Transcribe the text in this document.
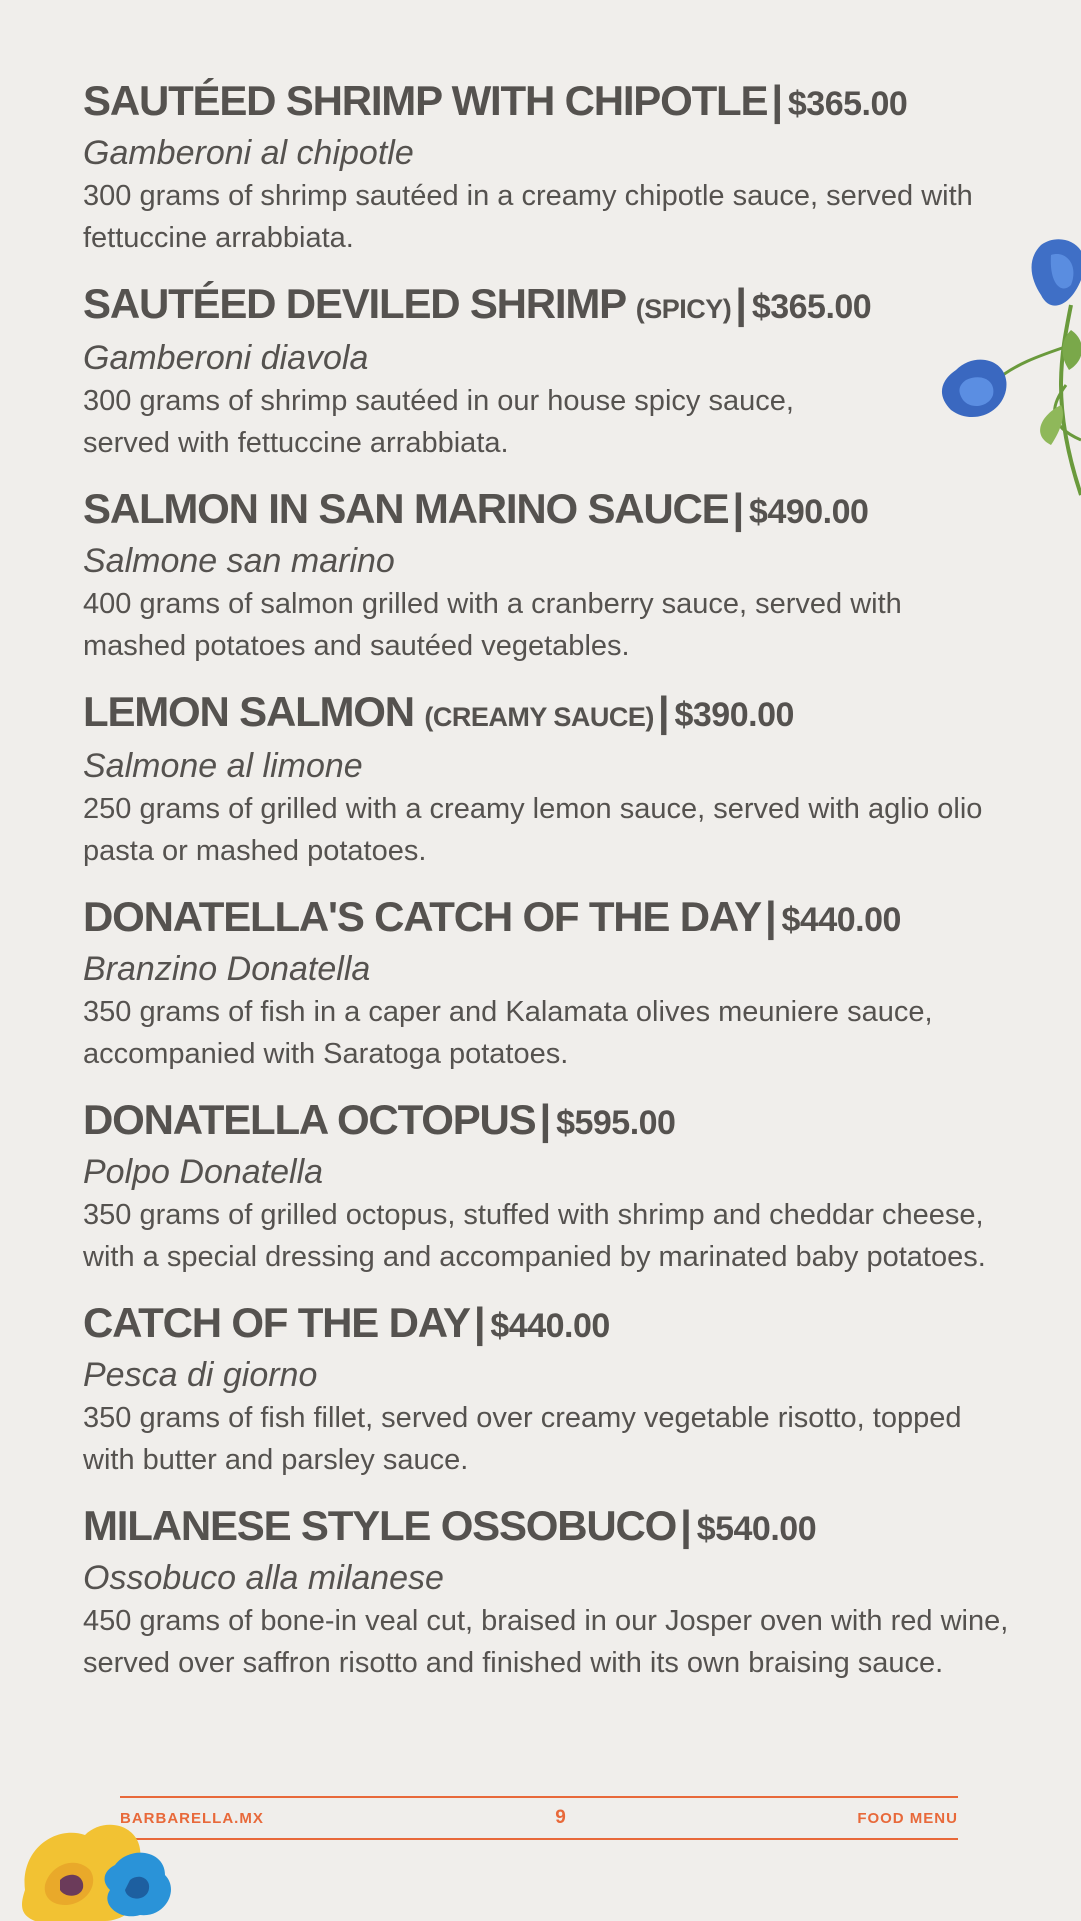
SAUTÉED SHRIMP WITH CHIPOTLE| $365.00

Gamberoni al chipotle

300 grams of shrimp sautéed in a creamy chipotle sauce, served with fettuccine arrabbiata.

SAUTÉED DEVILED SHRIMP (SPICY)| $365.00

Gamberoni diavola

300 grams of shrimp sautéed in our house spicy sauce, served with fettuccine arrabbiata.

SALMON IN SAN MARINO SAUCE| $490.00

Salmone san marino

400 grams of salmon grilled with a cranberry sauce, served with mashed potatoes and sautéed vegetables.

LEMON SALMON (CREAMY SAUCE)| $390.00

Salmone al limone

250 grams of grilled with a creamy lemon sauce, served with aglio olio pasta or mashed potatoes.

DONATELLA'S CATCH OF THE DAY| $440.00

Branzino Donatella

350 grams of fish in a caper and Kalamata olives meuniere sauce, accompanied with Saratoga potatoes.

DONATELLA OCTOPUS| $595.00

Polpo Donatella

350 grams of grilled octopus, stuffed with shrimp and cheddar cheese, with a special dressing and accompanied by marinated baby potatoes.

CATCH OF THE DAY| $440.00

Pesca di giorno

350 grams of fish fillet, served over creamy vegetable risotto, topped with butter and parsley sauce.

MILANESE STYLE OSSOBUCO| $540.00

Ossobuco alla milanese

450 grams of bone-in veal cut, braised in our Josper oven with red wine, served over saffron risotto and finished with its own braising sauce.

BARBARELLA.MX	9	FOOD MENU
